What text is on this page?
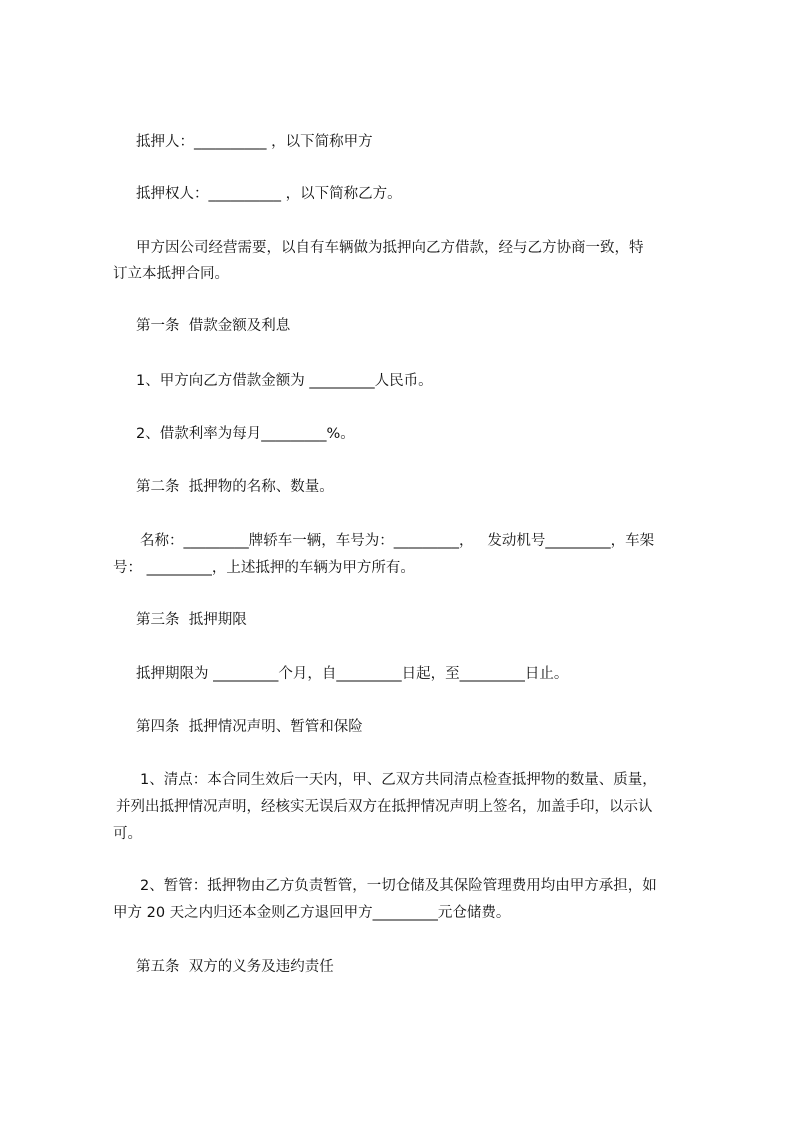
抵押人：__________ ，以下简称甲方
抵押权人：__________ ，以下简称乙方。
甲方因公司经营需要，以自有车辆做为抵押向乙方借款，经与乙方协商一致，特
订立本抵押合同。
第一条  借款金额及利息
1、甲方向乙方借款金额为 _________人民币。
2、借款利率为每月_________%。
第二条  抵押物的名称、数量。
名称：_________牌轿车一辆，车号为：_________，   发动机号_________，车架
号： _________，上述抵押的车辆为甲方所有。
第三条  抵押期限
抵押期限为 _________个月，自_________日起，至_________日止。
第四条  抵押情况声明、暂管和保险
1、清点：本合同生效后一天内，甲、乙双方共同清点检查抵押物的数量、质量，
并列出抵押情况声明，经核实无误后双方在抵押情况声明上签名，加盖手印，以示认
可。
2、暂管：抵押物由乙方负责暂管，一切仓储及其保险管理费用均由甲方承担，如
甲方 20 天之内归还本金则乙方退回甲方_________元仓储费。
第五条  双方的义务及违约责任
